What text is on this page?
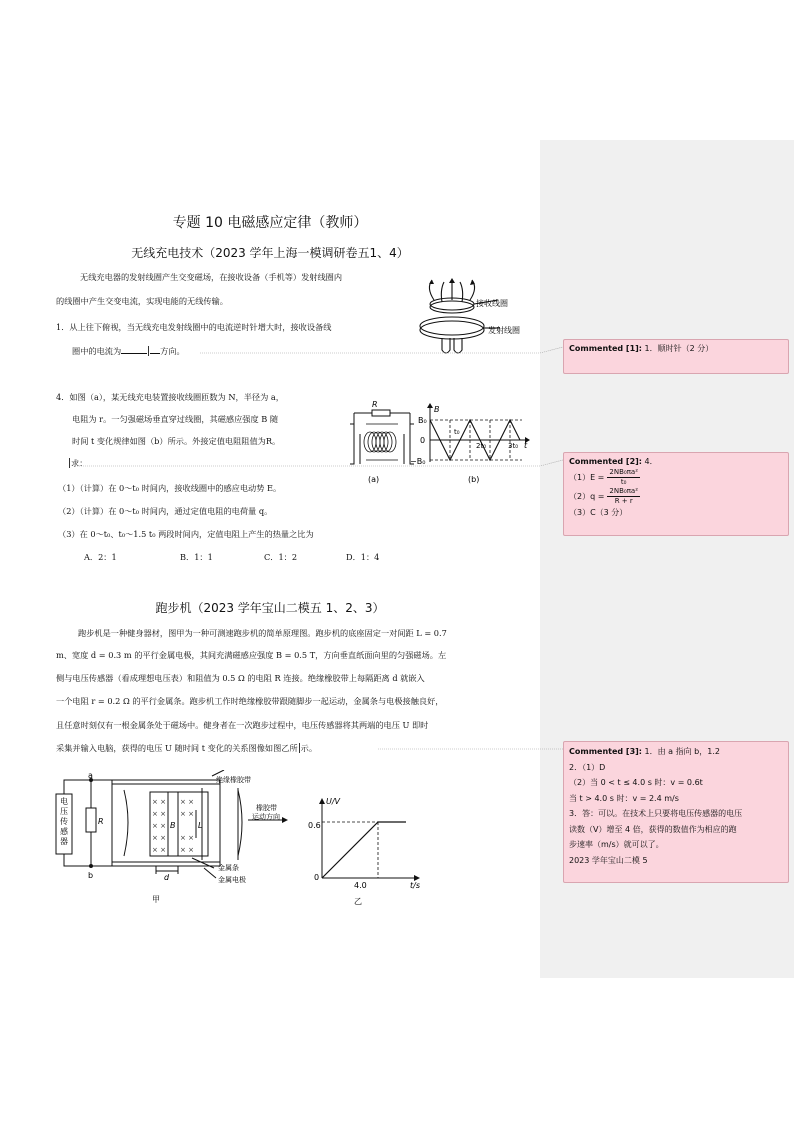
专题 10 电磁感应定律（教师）
无线充电技术（2023 学年上海一模调研卷五1、4）
无线充电器的发射线圈产生交变磁场，在接收设备（手机等）发射线圈内
的线圈中产生交变电流，实现电能的无线传输。
1．从上往下俯视，当无线充电发射线圈中的电流逆时针增大时，接收设备线
圈中的电流为	方向。
接收线圈
发射线圈
4．如图（a），某无线充电装置接收线圈匝数为 N，半径为 a，
电阻为 r。一匀强磁场垂直穿过线圈，其磁感应强度 B 随
时间 t 变化规律如图（b）所示。外接定值电阻阻值为R。
求：
R
(a)
B
B₀
0
−B₀
t₀
2t₀	3t₀ t
(b)
（1）（计算）在 0～t₀ 时间内，接收线圈中的感应电动势 E。
（2）（计算）在 0～t₀ 时间内，通过定值电阻的电荷量 q。
（3）在 0～t₀、t₀～1.5 t₀ 两段时间内，定值电阻上产生的热量之比为
A．2：1	B．1：1	C．1：2	D．1：4
跑步机（2023 学年宝山二模五 1、2、3）
跑步机是一种健身器材，图甲为一种可测速跑步机的简单原理图。跑步机的底座固定一对间距 L = 0.7
m、宽度 d = 0.3 m 的平行金属电极，其间充满磁感应强度 B = 0.5 T，方向垂直纸面向里的匀强磁场。左
侧与电压传感器（看成理想电压表）和阻值为 0.5 Ω 的电阻 R 连接。绝缘橡胶带上每隔距离 d 就嵌入
一个电阻 r = 0.2 Ω 的平行金属条。跑步机工作时绝缘橡胶带跟随脚步一起运动，金属条与电极接触良好，
且任意时刻仅有一根金属条处于磁场中。健身者在一次跑步过程中，电压传感器将其两端的电压 U 即时
采集并输入电脑，获得的电压 U 随时间 t 变化的关系图像如图乙所 示。
× ×
× ×
× ×
× ×
× ×
× ×
× ×
× ×
× ×
电压传感器
a
b
R	B	L
d
绝缘橡胶带
橡胶带运动方向
金属条
金属电极
甲
U/V
0.6
0
4.0	t/s
乙
Commented [1]: 1．顺时针（2 分）
Commented [2]: 4．

$(1)E = \frac{\text{2NB₀πa²}}{\text{t₀}}$

$(2)q = \frac{\text{2NB₀πa²}}{R + r}$

（3）C（3 分）
Commented [3]: 1．由 a 指向 b，1.2
2．（1）D
（2）当 0 < t ≤ 4.0 s 时：v = 0.6t
当 t > 4.0 s 时：v = 2.4 m/s
3．答：可以。在技术上只要将电压传感器的电压
读数（V）增至 4 倍，获得的数值作为相应的跑
步速率（m/s）就可以了。
2023 学年宝山二模 5
